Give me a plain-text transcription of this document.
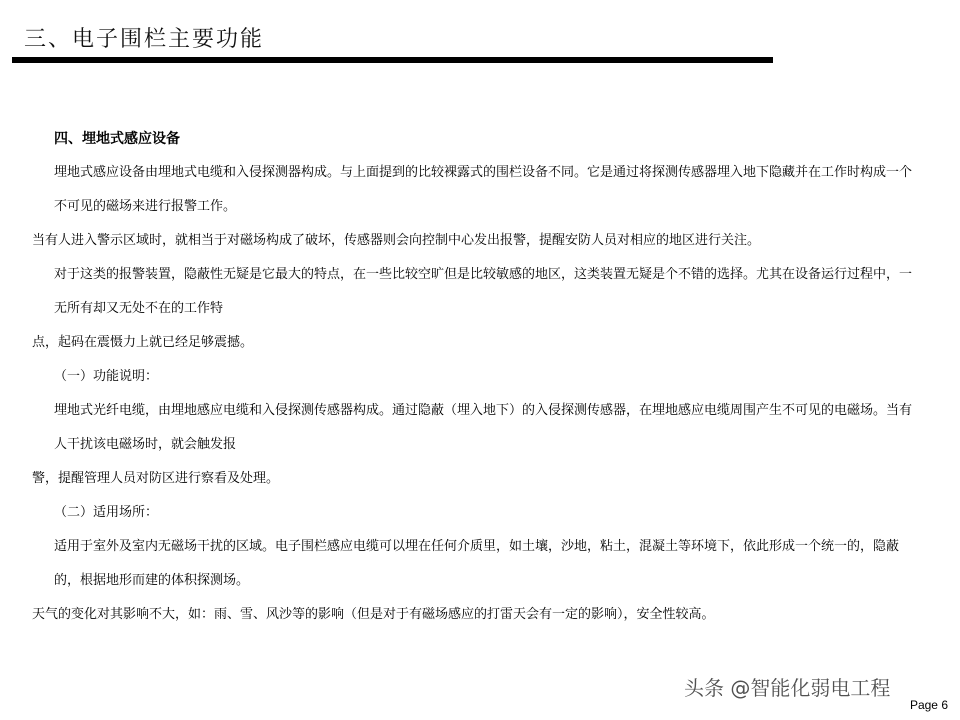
三、电子围栏主要功能

四、埋地式感应设备

埋地式感应设备由埋地式电缆和入侵探测器构成。与上面提到的比较裸露式的围栏设备不同。它是通过将探测传感器埋入地下隐藏并在工作时构成一个不可见的磁场来进行报警工作。

当有人进入警示区域时，就相当于对磁场构成了破坏，传感器则会向控制中心发出报警，提醒安防人员对相应的地区进行关注。

对于这类的报警装置，隐蔽性无疑是它最大的特点，在一些比较空旷但是比较敏感的地区，这类装置无疑是个不错的选择。尤其在设备运行过程中，一无所有却又无处不在的工作特

点，起码在震慑力上就已经足够震撼。

（一）功能说明：

埋地式光纤电缆，由埋地感应电缆和入侵探测传感器构成。通过隐蔽（埋入地下）的入侵探测传感器，在埋地感应电缆周围产生不可见的电磁场。当有人干扰该电磁场时，就会触发报

警，提醒管理人员对防区进行察看及处理。

（二）适用场所：

适用于室外及室内无磁场干扰的区域。电子围栏感应电缆可以埋在任何介质里，如土壤，沙地，粘土，混凝土等环境下，依此形成一个统一的，隐蔽的，根据地形而建的体积探测场。

天气的变化对其影响不大，如：雨、雪、风沙等的影响（但是对于有磁场感应的打雷天会有一定的影响），安全性较高。

头条 @智能化弱电工程
Page 6
